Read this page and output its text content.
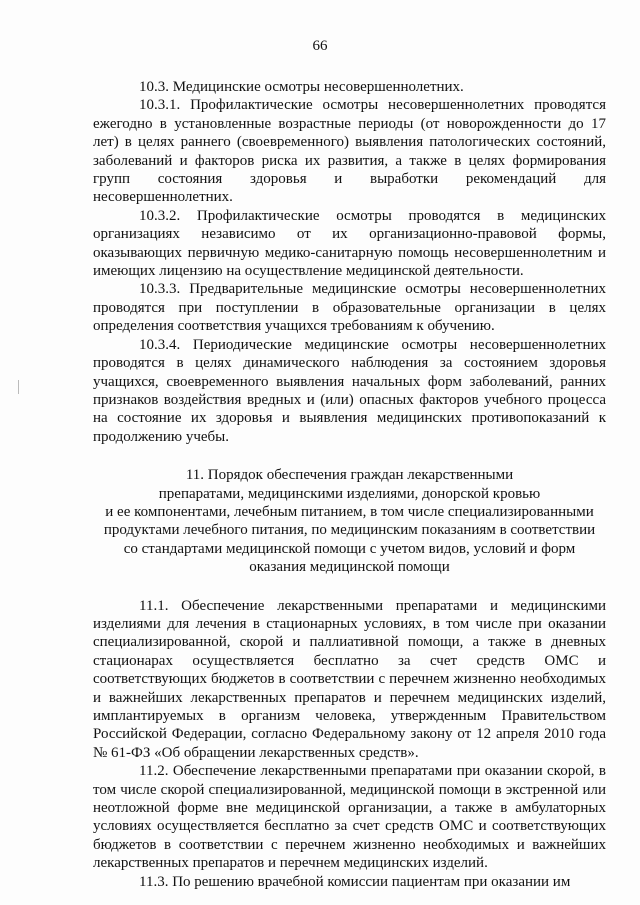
66

10.3. Медицинские осмотры несовершеннолетних.

10.3.1. Профилактические осмотры несовершеннолетних проводятся ежегодно в установленные возрастные периоды (от новорожденности до 17 лет) в целях раннего (своевременного) выявления патологических состояний, заболеваний и факторов риска их развития, а также в целях формирования групп состояния здоровья и выработки рекомендаций для несовершеннолетних.

10.3.2. Профилактические осмотры проводятся в медицинских организациях независимо от их организационно-правовой формы, оказывающих первичную медико-санитарную помощь несовершеннолетним и имеющих лицензию на осуществление медицинской деятельности.

10.3.3. Предварительные медицинские осмотры несовершеннолетних проводятся при поступлении в образовательные организации в целях определения соответствия учащихся требованиям к обучению.

10.3.4. Периодические медицинские осмотры несовершеннолетних проводятся в целях динамического наблюдения за состоянием здоровья учащихся, своевременного выявления начальных форм заболеваний, ранних признаков воздействия вредных и (или) опасных факторов учебного процесса на состояние их здоровья и выявления медицинских противопоказаний к продолжению учебы.

11. Порядок обеспечения граждан лекарственными
препаратами, медицинскими изделиями, донорской кровью
и ее компонентами, лечебным питанием, в том числе специализированными
продуктами лечебного питания, по медицинским показаниям в соответствии
со стандартами медицинской помощи с учетом видов, условий и форм
оказания медицинской помощи

11.1. Обеспечение лекарственными препаратами и медицинскими изделиями для лечения в стационарных условиях, в том числе при оказании специализированной, скорой и паллиативной помощи, а также в дневных стационарах осуществляется бесплатно за счет средств ОМС и соответствующих бюджетов в соответствии с перечнем жизненно необходимых и важнейших лекарственных препаратов и перечнем медицинских изделий, имплантируемых в организм человека, утвержденным Правительством Российской Федерации, согласно Федеральному закону от 12 апреля 2010 года № 61-ФЗ «Об обращении лекарственных средств».

11.2. Обеспечение лекарственными препаратами при оказании скорой, в том числе скорой специализированной, медицинской помощи в экстренной или неотложной форме вне медицинской организации, а также в амбулаторных условиях осуществляется бесплатно за счет средств ОМС и соответствующих бюджетов в соответствии с перечнем жизненно необходимых и важнейших лекарственных препаратов и перечнем медицинских изделий.

11.3. По решению врачебной комиссии пациентам при оказании им
